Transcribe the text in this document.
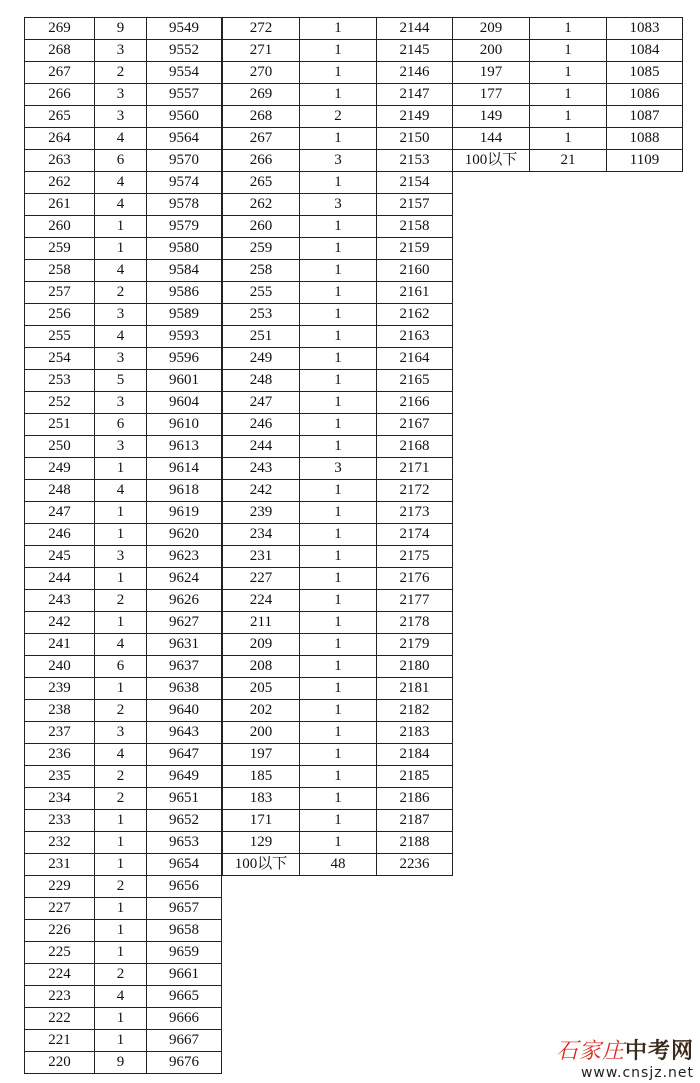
269	9	9549
268	3	9552
267	2	9554
266	3	9557
265	3	9560
264	4	9564
263	6	9570
262	4	9574
261	4	9578
260	1	9579
259	1	9580
258	4	9584
257	2	9586
256	3	9589
255	4	9593
254	3	9596
253	5	9601
252	3	9604
251	6	9610
250	3	9613
249	1	9614
248	4	9618
247	1	9619
246	1	9620
245	3	9623
244	1	9624
243	2	9626
242	1	9627
241	4	9631
240	6	9637
239	1	9638
238	2	9640
237	3	9643
236	4	9647
235	2	9649
234	2	9651
233	1	9652
232	1	9653
231	1	9654
229	2	9656
227	1	9657
226	1	9658
225	1	9659
224	2	9661
223	4	9665
222	1	9666
221	1	9667
220	9	9676
272	1	2144
271	1	2145
270	1	2146
269	1	2147
268	2	2149
267	1	2150
266	3	2153
265	1	2154
262	3	2157
260	1	2158
259	1	2159
258	1	2160
255	1	2161
253	1	2162
251	1	2163
249	1	2164
248	1	2165
247	1	2166
246	1	2167
244	1	2168
243	3	2171
242	1	2172
239	1	2173
234	1	2174
231	1	2175
227	1	2176
224	1	2177
211	1	2178
209	1	2179
208	1	2180
205	1	2181
202	1	2182
200	1	2183
197	1	2184
185	1	2185
183	1	2186
171	1	2187
129	1	2188
100以下	48	2236
209	1	1083
200	1	1084
197	1	1085
177	1	1086
149	1	1087
144	1	1088
100以下	21	1109
石家庄中考网
www.cnsjz.net
